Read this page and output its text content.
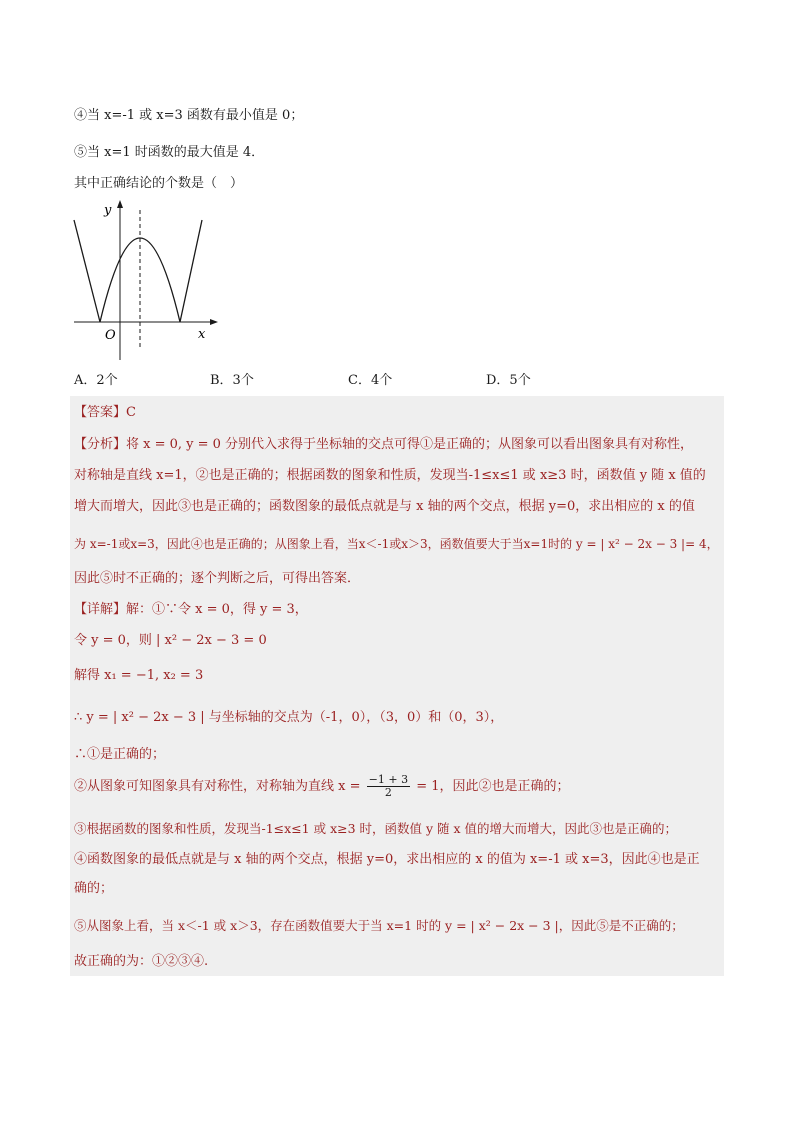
④当 x=-1 或 x=3 函数有最小值是 0；
⑤当 x=1 时函数的最大值是 4．
其中正确结论的个数是（　）
y
x
O
A．2个	B．3个	C．4个	D．5个
【答案】C
【分析】将 x = 0, y = 0 分别代入求得于坐标轴的交点可得①是正确的；从图象可以看出图象具有对称性，
对称轴是直线 x=1，②也是正确的；根据函数的图象和性质，发现当-1≤x≤1 或 x≥3 时，函数值 y 随 x 值的
增大而增大，因此③也是正确的；函数图象的最低点就是与 x 轴的两个交点，根据 y=0，求出相应的 x 的值
为 x=-1或x=3，因此④也是正确的；从图象上看，当x＜-1或x＞3，函数值要大于当x=1时的 y = | x² − 2x − 3 |= 4，
因此⑤时不正确的；逐个判断之后，可得出答案．
【详解】解：①∵令 x = 0，得 y = 3，
令 y = 0，则 | x² − 2x − 3 = 0
解得 x₁ = −1, x₂ = 3
∴ y = | x² − 2x − 3 | 与坐标轴的交点为（-1，0），（3，0）和（0，3），
∴①是正确的；
②从图象可知图象具有对称性，对称轴为直线 $x = \frac{-1 + 3}{2} = 1$，因此②也是正确的；
③根据函数的图象和性质，发现当-1≤x≤1 或 x≥3 时，函数值 y 随 x 值的增大而增大，因此③也是正确的；
④函数图象的最低点就是与 x 轴的两个交点，根据 y=0，求出相应的 x 的值为 x=-1 或 x=3，因此④也是正
确的；
⑤从图象上看，当 x＜-1 或 x＞3，存在函数值要大于当 x=1 时的 y = | x² − 2x − 3 |，因此⑤是不正确的；
故正确的为：①②③④.
